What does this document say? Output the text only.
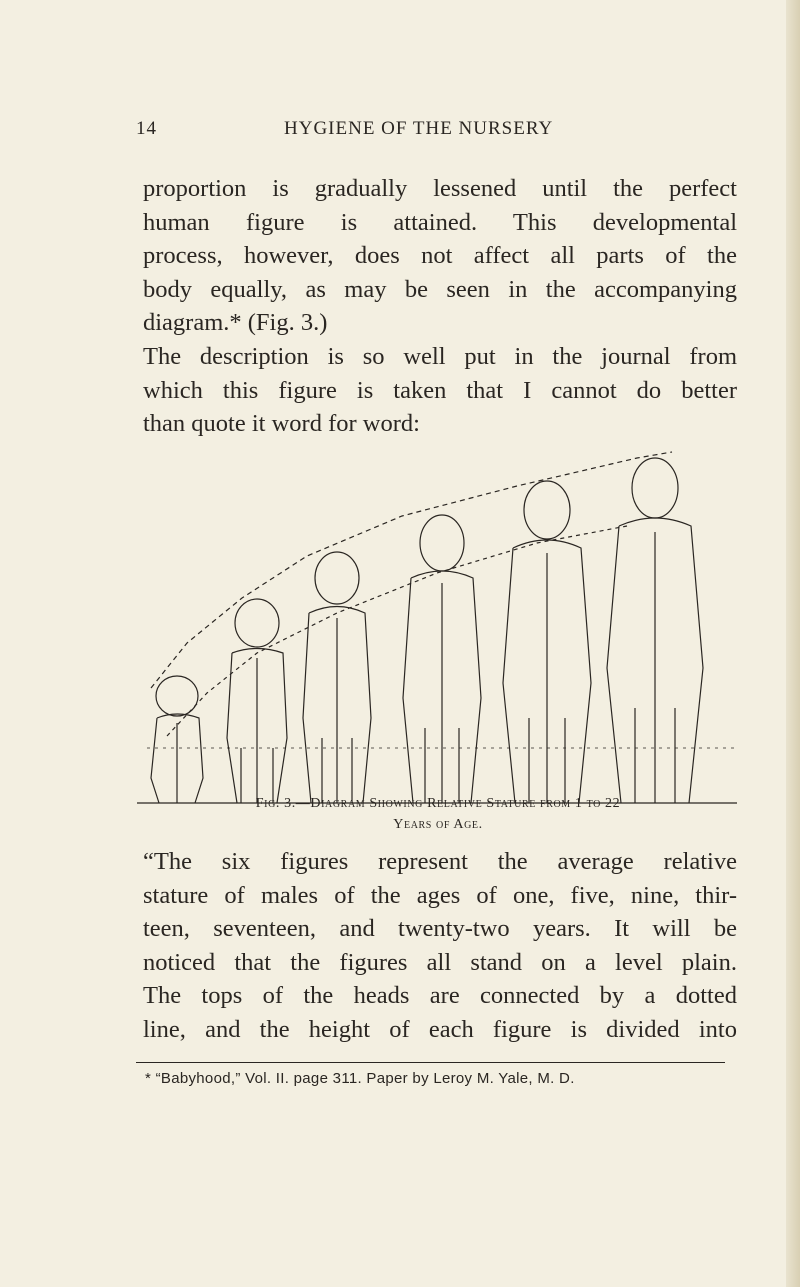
14	HYGIENE OF THE NURSERY
proportion is gradually lessened until the perfect
human figure is attained. This developmental
process, however, does not affect all parts of the
body equally, as may be seen in the accompanying
diagram.* (Fig. 3.)
The description is so well put in the journal from
which this figure is taken that I cannot do better
than quote it word for word:
Fig. 3.—Diagram Showing Relative Stature from 1 to 22
Years of Age.
“The six figures represent the average relative
stature of males of the ages of one, five, nine, thir-
teen, seventeen, and twenty-two years. It will be
noticed that the figures all stand on a level plain.
The tops of the heads are connected by a dotted
line, and the height of each figure is divided into
* “Babyhood,” Vol. II. page 311. Paper by Leroy M. Yale, M. D.
